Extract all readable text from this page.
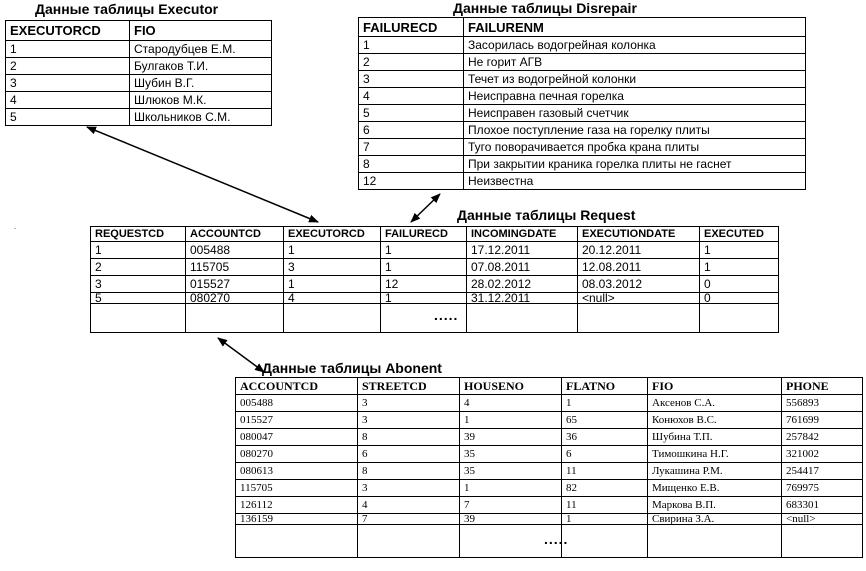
Данные таблицы Executor
EXECUTORCD	FIO
1	Стародубцев Е.М.
2	Булгаков Т.И.
3	Шубин В.Г.
4	Шлюков М.К.
5	Школьников С.М.
Данные таблицы Disrepair
FAILURECD	FAILURENM
1	Засорилась водогрейная колонка
2	Не горит АГВ
3	Течет из водогрейной колонки
4	Неисправна печная горелка
5	Неисправен газовый счетчик
6	Плохое поступление газа на горелку плиты
7	Туго поворачивается пробка крана плиты
8	При закрытии краника горелка плиты не гаснет
12	Неизвестна
Данные таблицы Request
REQUESTCD	ACCOUNTCD	EXECUTORCD	FAILURECD	INCOMINGDATE	EXECUTIONDATE	EXECUTED
1	005488	1	1	17.12.2011	20.12.2011	1
2	115705	3	1	07.08.2011	12.08.2011	1
3	015527	1	12	28.02.2012	08.03.2012	0
5	080270	4	1	31.12.2011	<null>	0

.....
Данные таблицы Abonent
ACCOUNTCD	STREETCD	HOUSENO	FLATNO	FIO	PHONE
005488	3	4	1	Аксенов С.А.	556893
015527	3	1	65	Конюхов В.С.	761699
080047	8	39	36	Шубина Т.П.	257842
080270	6	35	6	Тимошкина Н.Г.	321002
080613	8	35	11	Лукашина Р.М.	254417
115705	3	1	82	Мищенко Е.В.	769975
126112	4	7	11	Маркова В.П.	683301
136159	7	39	1	Свирина З.А.	<null>

.....
.
